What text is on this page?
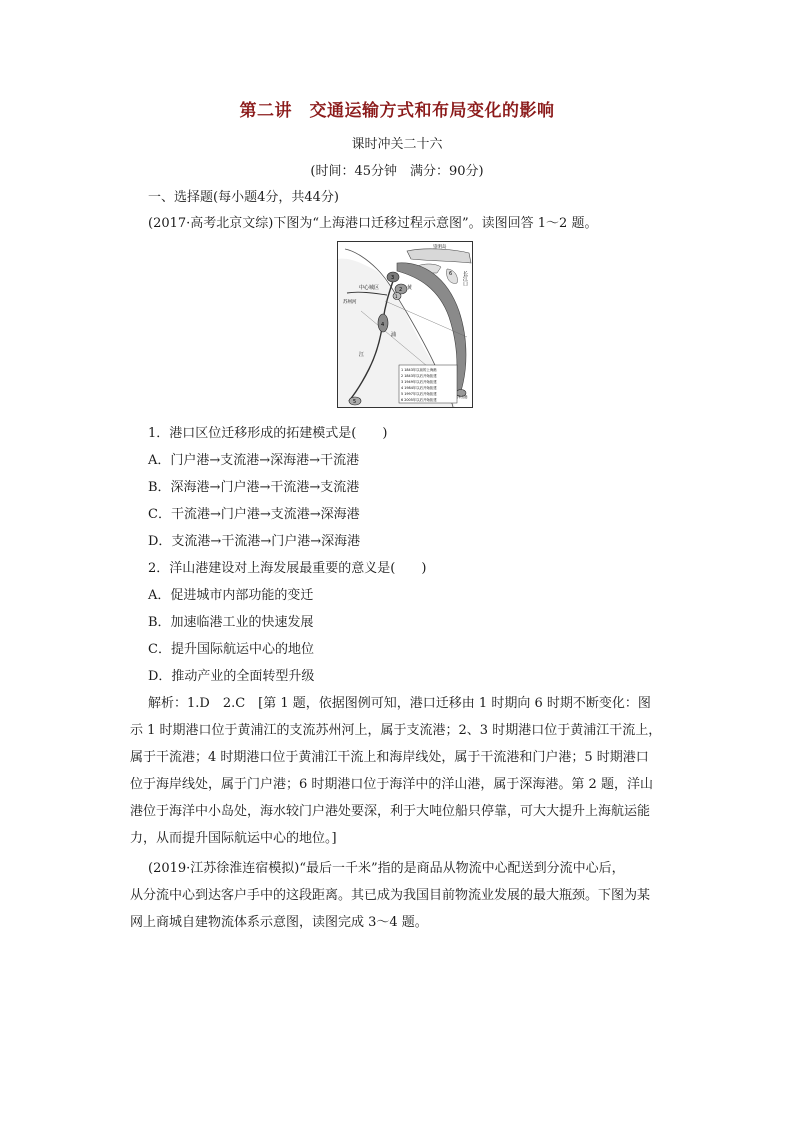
第二讲　交通运输方式和布局变化的影响
课时冲关二十六
(时间：45分钟　满分：90分)
一、选择题(每小题4分，共44分)
(2017·高考北京文综)下图为“上海港口迁移过程示意图”。读图回答 1～2 题。
崇明岛
长江口
3
2
1
4
5
6
中心城区
苏州河
黄
浦
江
洋山港
1 1843年以前的上海港
2 1843年以后开始拓建
3 1949年以后开始拓建
4 1984年以后开始拓建
5 1997年以后开始拓建
6 2005年以后开始拓建
1．港口区位迁移形成的拓建模式是(　　)
A．门户港→支流港→深海港→干流港
B．深海港→门户港→干流港→支流港
C．干流港→门户港→支流港→深海港
D．支流港→干流港→门户港→深海港
2．洋山港建设对上海发展最重要的意义是(　　)
A．促进城市内部功能的变迁
B．加速临港工业的快速发展
C．提升国际航运中心的地位
D．推动产业的全面转型升级
解析：1.D　2.C　[第 1 题，依据图例可知，港口迁移由 1 时期向 6 时期不断变化：图
示 1 时期港口位于黄浦江的支流苏州河上，属于支流港；2、3 时期港口位于黄浦江干流上，
属于干流港；4 时期港口位于黄浦江干流上和海岸线处，属于干流港和门户港；5 时期港口
位于海岸线处，属于门户港；6 时期港口位于海洋中的洋山港，属于深海港。第 2 题，洋山
港位于海洋中小岛处，海水较门户港处要深，利于大吨位船只停靠，可大大提升上海航运能
力，从而提升国际航运中心的地位。]
(2019·江苏徐淮连宿模拟)“最后一千米”指的是商品从物流中心配送到分流中心后，
从分流中心到达客户手中的这段距离。其已成为我国目前物流业发展的最大瓶颈。下图为某
网上商城自建物流体系示意图，读图完成 3～4 题。
